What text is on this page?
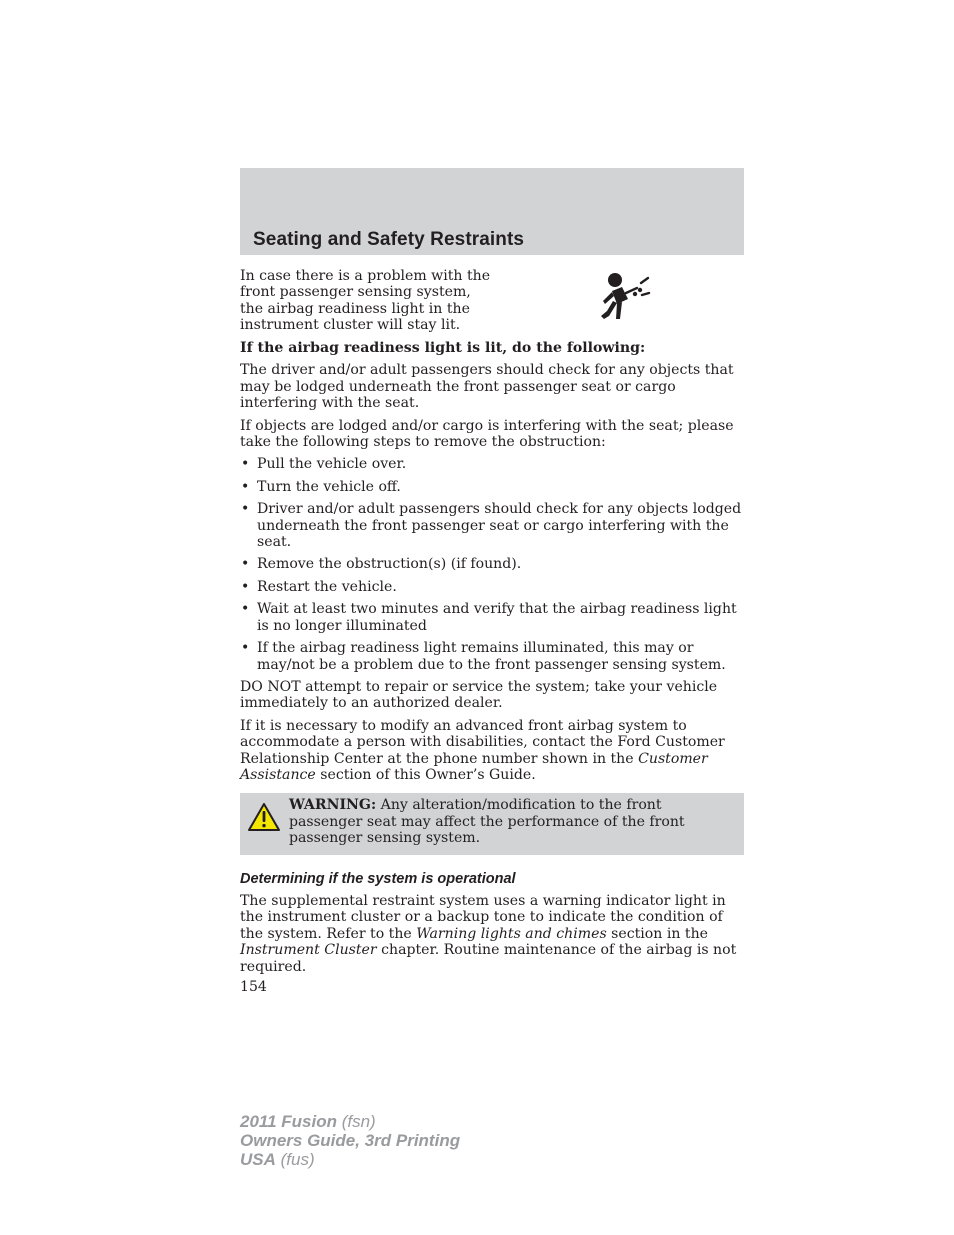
Seating and Safety Restraints

In case there is a problem with the front passenger sensing system, the airbag readiness light in the instrument cluster will stay lit.

If the airbag readiness light is lit, do the following:

The driver and/or adult passengers should check for any objects that may be lodged underneath the front passenger seat or cargo interfering with the seat.

If objects are lodged and/or cargo is interfering with the seat; please take the following steps to remove the obstruction:

• Pull the vehicle over.
• Turn the vehicle off.
• Driver and/or adult passengers should check for any objects lodged underneath the front passenger seat or cargo interfering with the seat.
• Remove the obstruction(s) (if found).
• Restart the vehicle.
• Wait at least two minutes and verify that the airbag readiness light is no longer illuminated
• If the airbag readiness light remains illuminated, this may or may/not be a problem due to the front passenger sensing system.

DO NOT attempt to repair or service the system; take your vehicle immediately to an authorized dealer.

If it is necessary to modify an advanced front airbag system to accommodate a person with disabilities, contact the Ford Customer Relationship Center at the phone number shown in the Customer Assistance section of this Owner’s Guide.

WARNING: Any alteration/modification to the front passenger seat may affect the performance of the front passenger sensing system.

Determining if the system is operational

The supplemental restraint system uses a warning indicator light in the instrument cluster or a backup tone to indicate the condition of the system. Refer to the Warning lights and chimes section in the Instrument Cluster chapter. Routine maintenance of the airbag is not required.

154
2011 Fusion (fsn)
Owners Guide, 3rd Printing
USA (fus)
